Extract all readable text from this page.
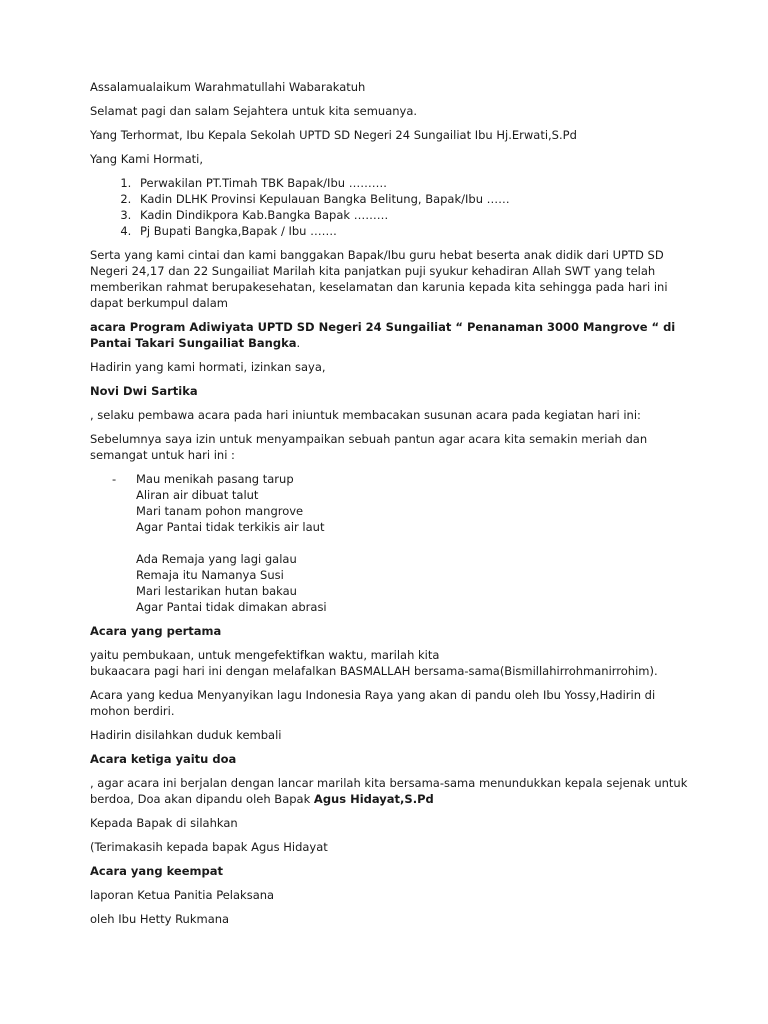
Assalamualaikum Warahmatullahi Wabarakatuh

Selamat pagi dan salam Sejahtera untuk kita semuanya.

Yang Terhormat, Ibu Kepala Sekolah UPTD SD Negeri 24 Sungailiat Ibu Hj.Erwati,S.Pd

Yang Kami Hormati,

1. Perwakilan PT.Timah TBK Bapak/Ibu ……….
2. Kadin DLHK Provinsi Kepulauan Bangka Belitung, Bapak/Ibu ……
3. Kadin Dindikpora Kab.Bangka Bapak ………
4. Pj Bupati Bangka,Bapak / Ibu …….

Serta yang kami cintai dan kami banggakan Bapak/Ibu guru hebat beserta anak didik dari UPTD SD Negeri 24,17 dan 22 Sungailiat Marilah kita panjatkan puji syukur kehadiran Allah SWT yang telah memberikan rahmat berupakesehatan, keselamatan dan karunia kepada kita sehingga pada hari ini dapat berkumpul dalam

acara Program Adiwiyata UPTD SD Negeri 24 Sungailiat “ Penanaman 3000 Mangrove “ di Pantai Takari Sungailiat Bangka.

Hadirin yang kami hormati, izinkan saya,

Novi Dwi Sartika

, selaku pembawa acara pada hari iniuntuk membacakan susunan acara pada kegiatan hari ini:

Sebelumnya saya izin untuk menyampaikan sebuah pantun agar acara kita semakin meriah dan semangat untuk hari ini :

-	Mau menikah pasang tarup
Aliran air dibuat talut
Mari tanam pohon mangrove
Agar Pantai tidak terkikis air laut
Ada Remaja yang lagi galau
Remaja itu Namanya Susi
Mari lestarikan hutan bakau
Agar Pantai tidak dimakan abrasi

Acara yang pertama

yaitu pembukaan, untuk mengefektifkan waktu, marilah kita
bukaacara pagi hari ini dengan melafalkan BASMALLAH bersama-sama(Bismillahirrohmanirrohim).

Acara yang kedua Menyanyikan lagu Indonesia Raya yang akan di pandu oleh Ibu Yossy,Hadirin di mohon berdiri.

Hadirin disilahkan duduk kembali

Acara ketiga yaitu doa

, agar acara ini berjalan dengan lancar marilah kita bersama-sama menundukkan kepala sejenak untuk berdoa, Doa akan dipandu oleh Bapak Agus Hidayat,S.Pd

Kepada Bapak di silahkan

(Terimakasih kepada bapak Agus Hidayat

Acara yang keempat

laporan Ketua Panitia Pelaksana

oleh Ibu Hetty Rukmana
